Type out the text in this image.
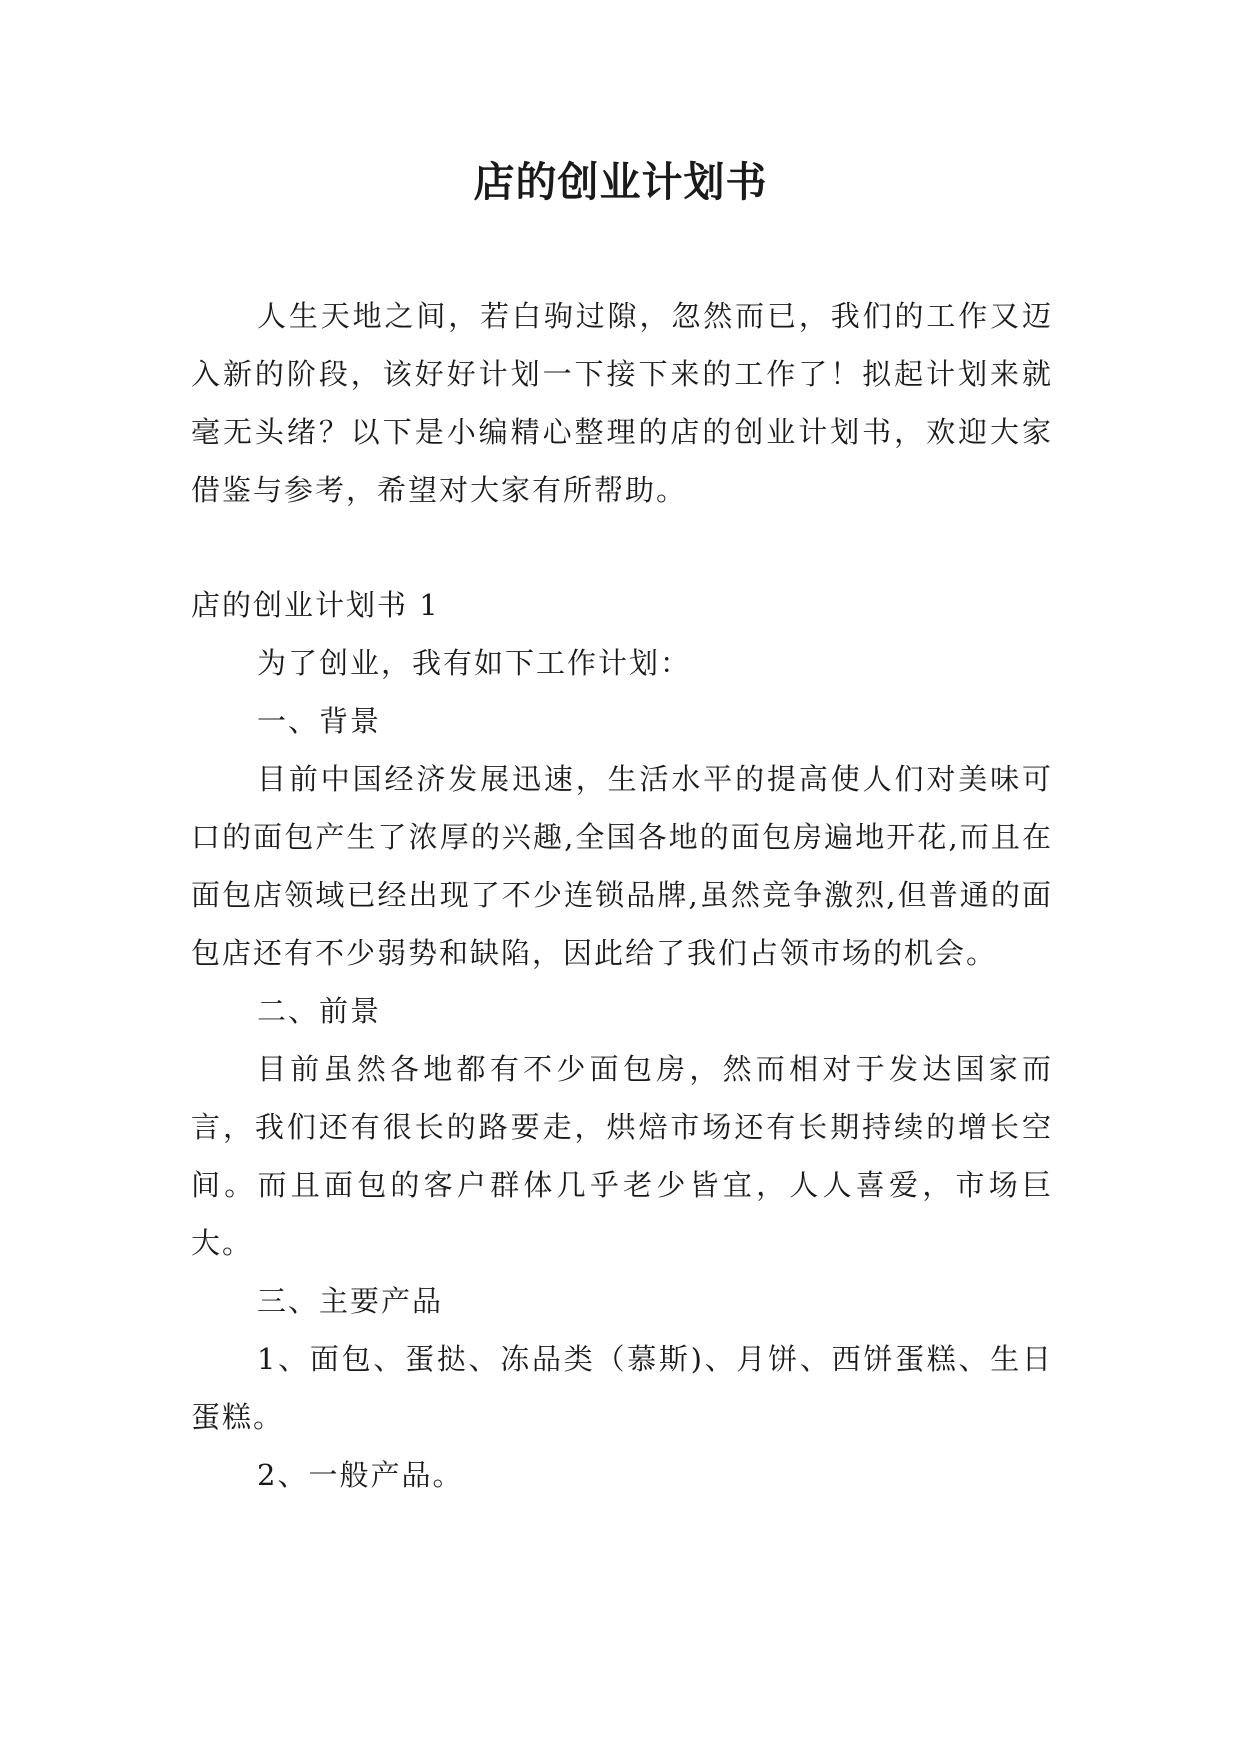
店的创业计划书

人生天地之间，若白驹过隙，忽然而已，我们的工作又迈入新的阶段，该好好计划一下接下来的工作了！拟起计划来就毫无头绪？以下是小编精心整理的店的创业计划书，欢迎大家借鉴与参考，希望对大家有所帮助。

店的创业计划书 1

为了创业，我有如下工作计划：

一、背景

目前中国经济发展迅速，生活水平的提高使人们对美味可口的面包产生了浓厚的兴趣,全国各地的面包房遍地开花,而且在面包店领域已经出现了不少连锁品牌,虽然竞争激烈,但普通的面包店还有不少弱势和缺陷，因此给了我们占领市场的机会。

二、前景

目前虽然各地都有不少面包房，然而相对于发达国家而言，我们还有很长的路要走，烘焙市场还有长期持续的增长空间。而且面包的客户群体几乎老少皆宜，人人喜爱，市场巨大。

三、主要产品

1、面包、蛋挞、冻品类（慕斯)、月饼、西饼蛋糕、生日蛋糕。

2、一般产品。
